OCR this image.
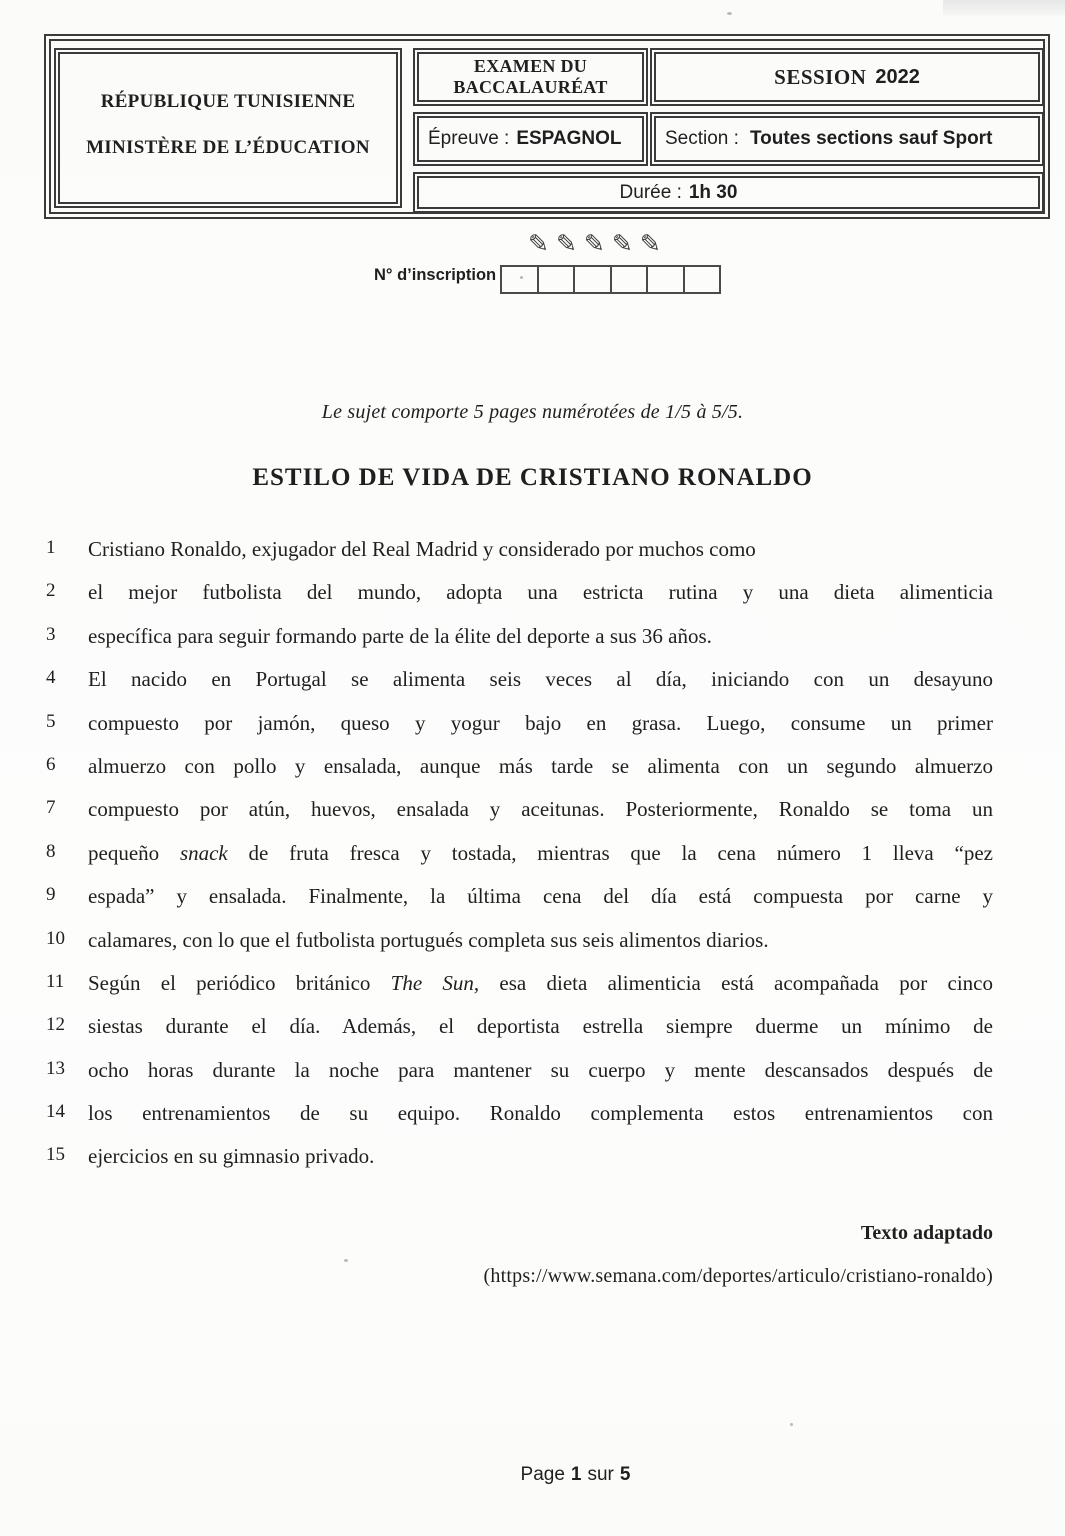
RÉPUBLIQUE TUNISIENNE
MINISTÈRE DE L’ÉDUCATION
EXAMEN DU
BACCALAURÉAT	SESSION 2022
Épreuve : ESPAGNOL Section : Toutes sections sauf Sport
Durée : 1h 30
✎✎✎✎✎
N° d’inscription
Le sujet comporte 5 pages numérotées de 1/5 à 5/5.
ESTILO DE VIDA DE CRISTIANO RONALDO
1 Cristiano Ronaldo, exjugador del Real Madrid y considerado por muchos como
2 el mejor futbolista del mundo, adopta una estricta rutina y una dieta alimenticia
3 específica para seguir formando parte de la élite del deporte a sus 36 años.
4 El nacido en Portugal se alimenta seis veces al día, iniciando con un desayuno
5 compuesto por jamón, queso y yogur bajo en grasa. Luego, consume un primer
6 almuerzo con pollo y ensalada, aunque más tarde se alimenta con un segundo almuerzo
7 compuesto por atún, huevos, ensalada y aceitunas. Posteriormente, Ronaldo se toma un
8 pequeño snack de fruta fresca y tostada, mientras que la cena número 1 lleva “pez
9 espada” y ensalada. Finalmente, la última cena del día está compuesta por carne y
10 calamares, con lo que el futbolista portugués completa sus seis alimentos diarios.
11 Según el periódico británico The Sun, esa dieta alimenticia está acompañada por cinco
12 siestas durante el día. Además, el deportista estrella siempre duerme un mínimo de
13 ocho horas durante la noche para mantener su cuerpo y mente descansados después de
14 los entrenamientos de su equipo. Ronaldo complementa estos entrenamientos con
15 ejercicios en su gimnasio privado.
Texto adaptado
(https://www.semana.com/deportes/articulo/cristiano-ronaldo)
Page 1 sur 5
